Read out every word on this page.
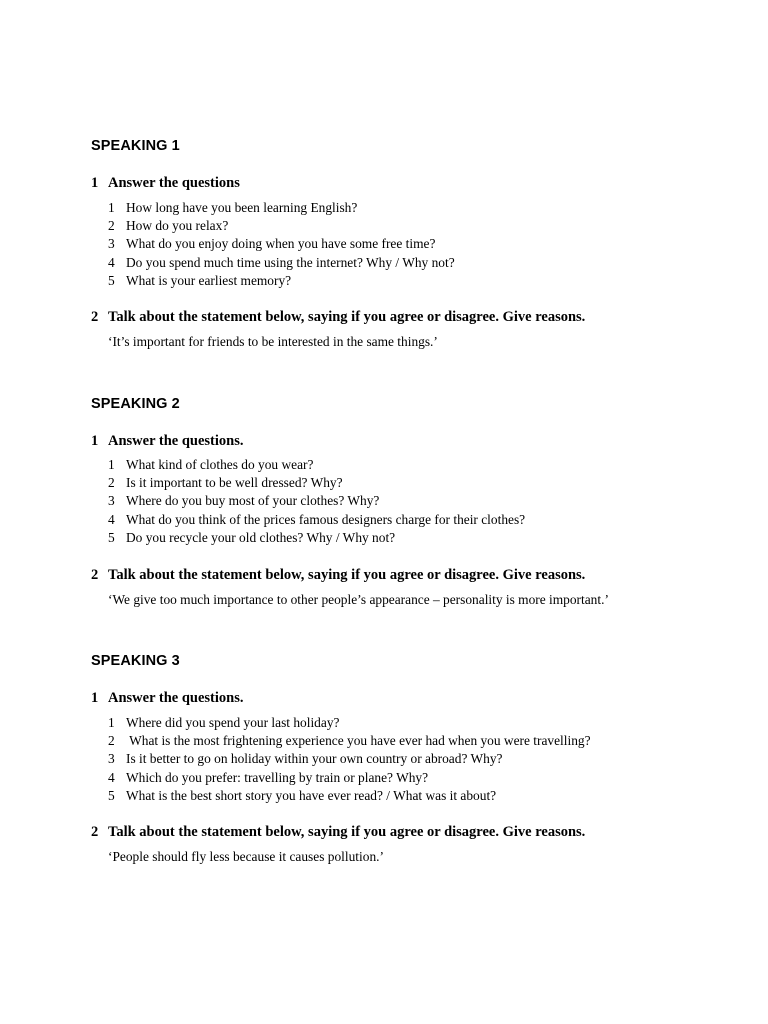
SPEAKING 1
1 Answer the questions
1 How long have you been learning English?
2 How do you relax?
3 What do you enjoy doing when you have some free time?
4 Do you spend much time using the internet? Why / Why not?
5 What is your earliest memory?
2 Talk about the statement below, saying if you agree or disagree. Give reasons.

‘It’s important for friends to be interested in the same things.’

SPEAKING 2
1 Answer the questions.
1 What kind of clothes do you wear?
2 Is it important to be well dressed? Why?
3 Where do you buy most of your clothes? Why?
4 What do you think of the prices famous designers charge for their clothes?
5 Do you recycle your old clothes? Why / Why not?
2 Talk about the statement below, saying if you agree or disagree. Give reasons.

‘We give too much importance to other people’s appearance – personality is more important.’

SPEAKING 3
1 Answer the questions.
1 Where did you spend your last holiday?
2 What is the most frightening experience you have ever had when you were travelling?
3 Is it better to go on holiday within your own country or abroad? Why?
4 Which do you prefer: travelling by train or plane? Why?
5 What is the best short story you have ever read? / What was it about?
2 Talk about the statement below, saying if you agree or disagree. Give reasons.

‘People should fly less because it causes pollution.’
